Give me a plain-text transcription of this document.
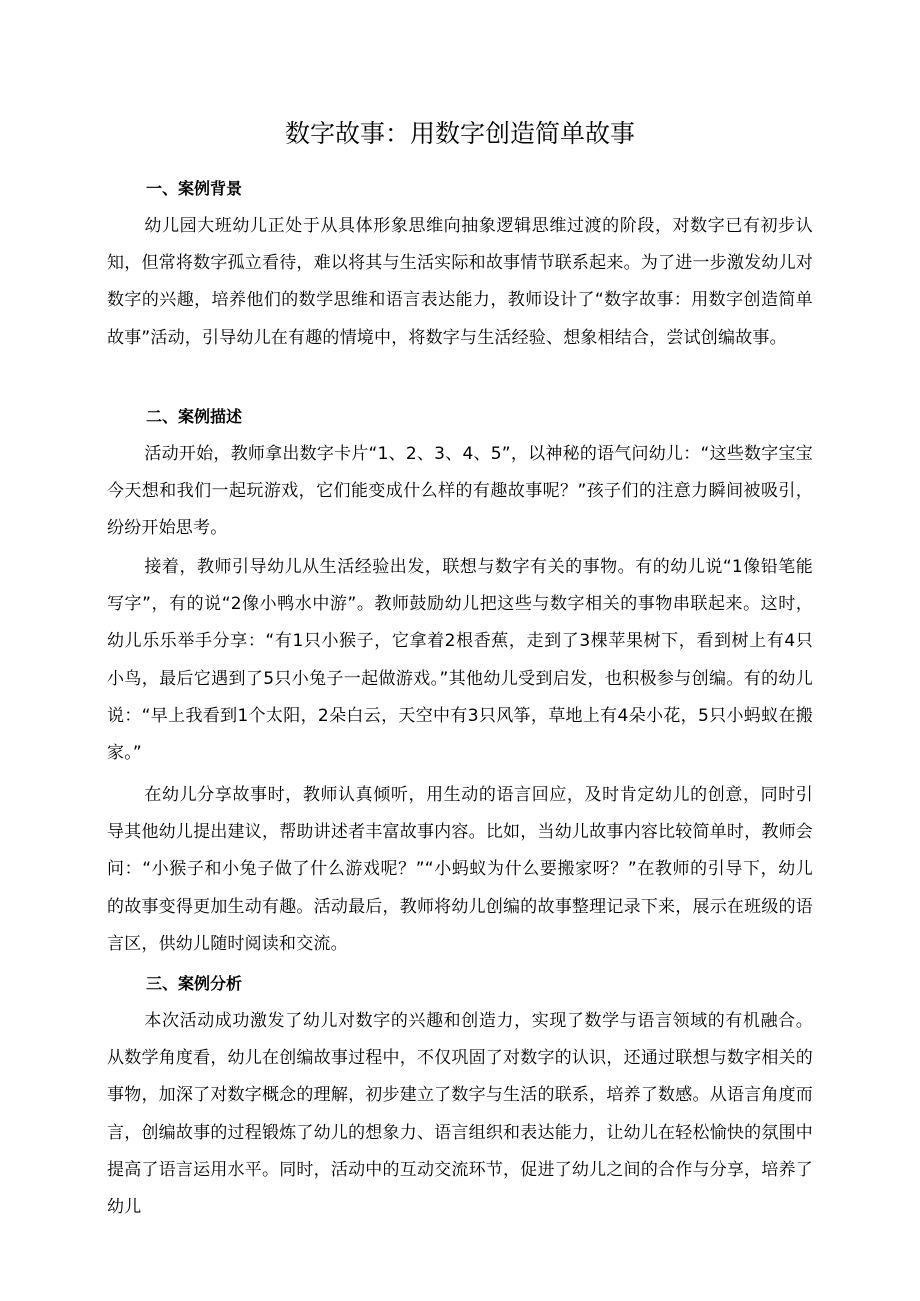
数字故事：用数字创造简单故事
一、案例背景

幼儿园大班幼儿正处于从具体形象思维向抽象逻辑思维过渡的阶段，对数字已有初步认知，但常将数字孤立看待，难以将其与生活实际和故事情节联系起来。为了进一步激发幼儿对数字的兴趣，培养他们的数学思维和语言表达能力，教师设计了“数字故事：用数字创造简单故事”活动，引导幼儿在有趣的情境中，将数字与生活经验、想象相结合，尝试创编故事。

二、案例描述

活动开始，教师拿出数字卡片“1、2、3、4、5”，以神秘的语气问幼儿：“这些数字宝宝今天想和我们一起玩游戏，它们能变成什么样的有趣故事呢？”孩子们的注意力瞬间被吸引，纷纷开始思考。

接着，教师引导幼儿从生活经验出发，联想与数字有关的事物。有的幼儿说“1像铅笔能写字”，有的说“2像小鸭水中游”。教师鼓励幼儿把这些与数字相关的事物串联起来。这时，幼儿乐乐举手分享：“有1只小猴子，它拿着2根香蕉，走到了3棵苹果树下，看到树上有4只小鸟，最后它遇到了5只小兔子一起做游戏。”其他幼儿受到启发，也积极参与创编。有的幼儿说：“早上我看到1个太阳，2朵白云，天空中有3只风筝，草地上有4朵小花，5只小蚂蚁在搬家。”

在幼儿分享故事时，教师认真倾听，用生动的语言回应，及时肯定幼儿的创意，同时引导其他幼儿提出建议，帮助讲述者丰富故事内容。比如，当幼儿故事内容比较简单时，教师会问：“小猴子和小兔子做了什么游戏呢？”“小蚂蚁为什么要搬家呀？”在教师的引导下，幼儿的故事变得更加生动有趣。活动最后，教师将幼儿创编的故事整理记录下来，展示在班级的语言区，供幼儿随时阅读和交流。

三、案例分析

本次活动成功激发了幼儿对数字的兴趣和创造力，实现了数学与语言领域的有机融合。从数学角度看，幼儿在创编故事过程中，不仅巩固了对数字的认识，还通过联想与数字相关的事物，加深了对数字概念的理解，初步建立了数字与生活的联系，培养了数感。从语言角度而言，创编故事的过程锻炼了幼儿的想象力、语言组织和表达能力，让幼儿在轻松愉快的氛围中提高了语言运用水平。同时，活动中的互动交流环节，促进了幼儿之间的合作与分享，培养了幼儿
